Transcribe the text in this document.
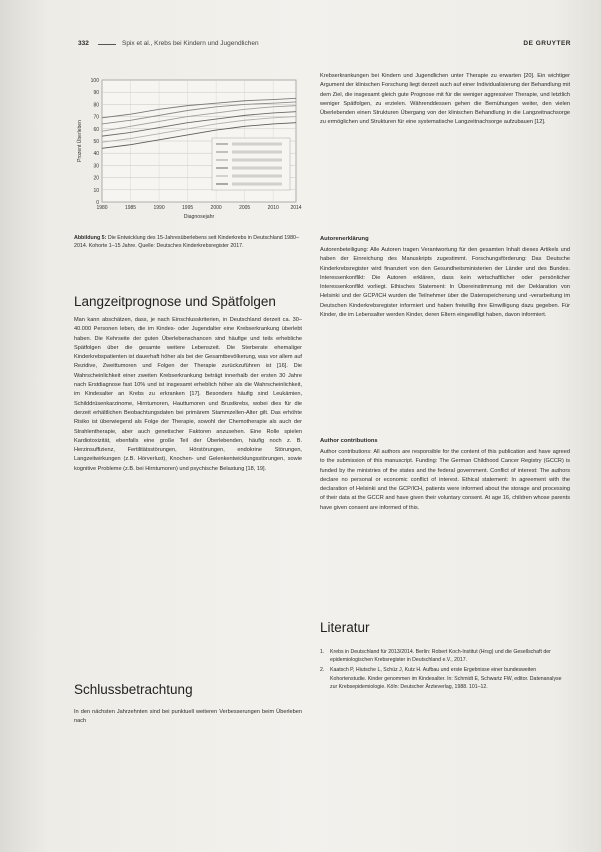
332	Spix et al., Krebs bei Kindern und Jugendlichen	DE GRUYTER
0
10
20
30
40
50
60
70
80
90
100
1980	1985	1990	1995	2000	2005	2010 2014
Prozent Überleben
Diagnosejahr
Abbildung 5: Die Entwicklung des 15-Jahresüberlebens seit Kinderkrebs in Deutschland 1980–2014. Kohorte 1–15 Jahre. Quelle: Deutsches Kinderkrebsregister 2017.
Langzeitprognose und Spätfolgen

Man kann abschätzen, dass, je nach Einschlusskriterien, in Deutschland derzeit ca. 30–40.000 Personen leben, die im Kindes- oder Jugendalter eine Krebserkrankung überlebt haben. Die Kehrseite der guten Überlebenschancen sind häufige und teils erhebliche Spätfolgen über die gesamte weitere Lebenszeit. Die Sterberate ehemaliger Kinderkrebspatienten ist dauerhaft höher als bei der Gesamtbevölkerung, was vor allem auf Rezidive, Zweittumoren und Folgen der Therapie zurückzuführen ist [16]. Die Wahrscheinlichkeit einer zweiten Krebserkrankung beträgt innerhalb der ersten 30 Jahre nach Erstdiagnose fast 10% und ist insgesamt erheblich höher als die Wahrscheinlichkeit, im Kindesalter an Krebs zu erkranken [17]. Besonders häufig sind Leukämien, Schilddrüsenkarzinome, Hirntumoren, Hauttumoren und Brustkrebs, wobei dies für die derzeit erhältlichen Beobachtungsdaten bei primärem Stammzellen-Alter gilt. Das erhöhte Risiko ist überwiegend als Folge der Therapie, sowohl der Chemotherapie als auch der Strahlentherapie, aber auch genetischer Faktoren anzusehen. Eine Rolle spielen Kardiotoxizität, ebenfalls eine große Teil der Überlebenden, häufig noch z. B. Herzinsuffizienz, Fertilitätsstörungen, Hörstörungen, endokrine Störungen, Langzeitwirkungen (z.B. Hörverlust), Knochen- und Gelenkentwicklungsstörungen, sowie kognitive Probleme (z.B. bei Hirntumoren) und psychische Belastung [18, 19].

Schlussbetrachtung

In den nächsten Jahrzehnten sind bei punktuell weiteren Verbesserungen beim Überleben nach

Krebserkrankungen bei Kindern und Jugendlichen unter Therapie zu erwarten [20]. Ein wichtiger Argument der klinischen Forschung liegt derzeit auch auf einer Individualisierung der Behandlung mit dem Ziel, die insgesamt gleich gute Prognose mit für die weniger aggressiver Therapie, und letztlich weniger Spätfolgen, zu erzielen. Währenddessen gehen die Bemühungen weiter, den vielen Überlebenden einen Strukturen Übergang von der klinischen Behandlung in die Langzeitnachsorge zu ermöglichen und Strukturen für eine systematische Langzeitnachsorge aufzubauen [12].

Autorenerklärung

Autorenbeteiligung: Alle Autoren tragen Verantwortung für den gesamten Inhalt dieses Artikels und haben der Einreichung des Manuskripts zugestimmt. Forschungsförderung: Das Deutsche Kinderkrebsregister wird finanziert von den Gesundheitsministerien der Länder und des Bundes. Interessenkonflikt: Die Autoren erklären, dass kein wirtschaftlicher oder persönlicher Interessenkonflikt vorliegt. Ethisches Statement: In Übereinstimmung mit der Deklaration von Helsinki und der GCP/ICH wurden die Teilnehmer über die Datenspeicherung und -verarbeitung im Deutschen Kinderkrebsregister informiert und haben freiwillig ihre Einwilligung dazu gegeben. Für Kinder, die im Lebensalter werden Kinder, deren Eltern eingewilligt haben, davon informiert.

Author contributions

Author contributions: All authors are responsible for the content of this publication and have agreed to the submission of this manuscript. Funding: The German Childhood Cancer Registry (GCCR) is funded by the ministries of the states and the federal government. Conflict of interest: The authors declare no personal or economic conflict of interest. Ethical statement: In agreement with the declaration of Helsinki and the GCP/ICH, patients were informed about the storage and processing of their data at the GCCR and have given their voluntary consent. At age 16, children whose parents have given consent are informed of this.

Literatur
1.	Krebs in Deutschland für 2013/2014. Berlin: Robert Koch-Institut (Hrsg) und die Gesellschaft der epidemiologischen Krebsregister in Deutschland e.V., 2017.
2.	Kaatsch P, Hiutsche L, Schüz J, Kutz H. Aufbau und erste Ergebnisse einer bundesweiten Kohortenstudie. Kinder genommen im Kindesalter. In: Schmidt E, Schwartz FW, editor. Datenanalyse zur Krebsepidemiologie. Köln: Deutscher Ärzteverlag, 1988. 101–12.
